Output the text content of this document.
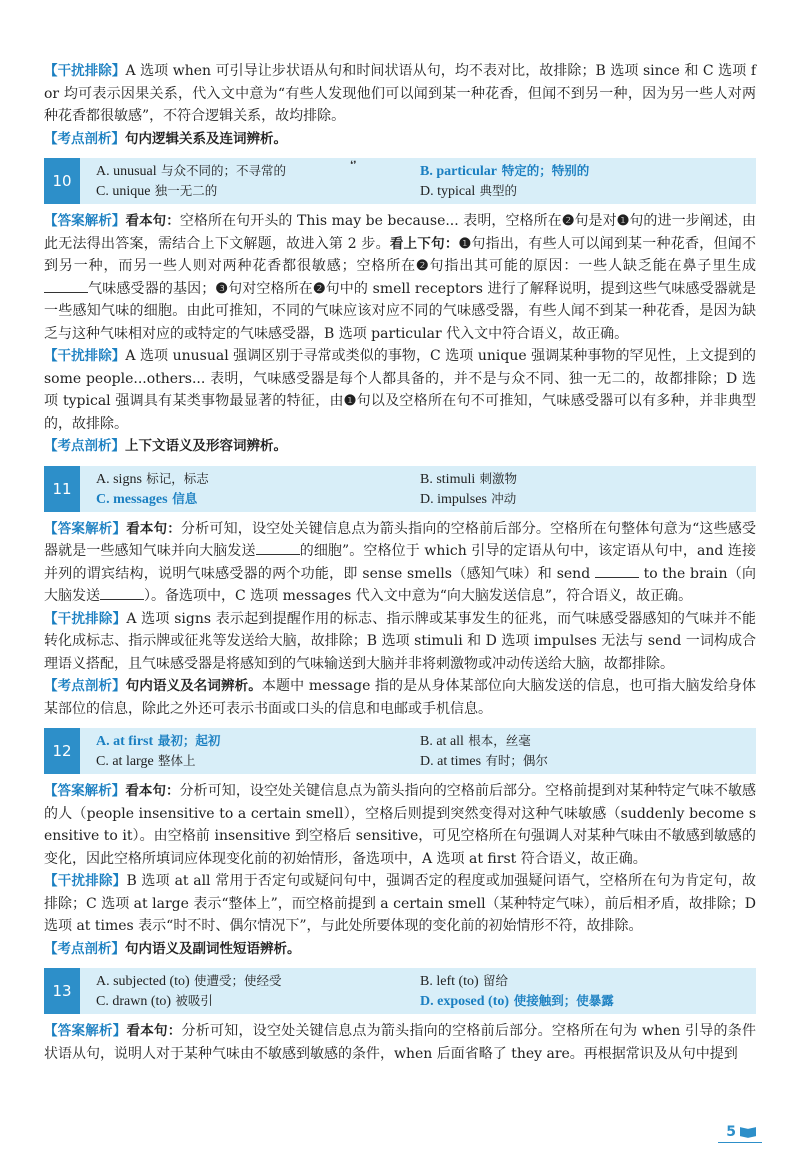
【干扰排除】A 选项 when 可引导让步状语从句和时间状语从句，均不表对比，故排除；B 选项 since 和 C 选项 for 均可表示因果关系，代入文中意为“有些人发现他们可以闻到某一种花香，但闻不到另一种，因为另一些人对两种花香都很敏感”，不符合逻辑关系，故均排除。

【考点剖析】句内逻辑关系及连词辨析。

10
A. unusual 与众不同的；不寻常的	B. particular 特定的；特别的
C. unique 独一无二的	D. typical 典型的

【答案解析】看本句：空格所在句开头的 This may be because... 表明，空格所在❷句是对❶句的进一步阐述，由此无法得出答案，需结合上下文解题，故进入第 2 步。看上下句：❶句指出，有些人可以闻到某一种花香，但闻不到另一种，而另一些人则对两种花香都很敏感；空格所在❷句指出其可能的原因：一些人缺乏能在鼻子里生成气味感受器的基因；❸句对空格所在❷句中的 smell receptors 进行了解释说明，提到这些气味感受器就是一些感知气味的细胞。由此可推知，不同的气味应该对应不同的气味感受器，有些人闻不到某一种花香，是因为缺乏与这种气味相对应的或特定的气味感受器，B 选项 particular 代入文中符合语义，故正确。

【干扰排除】A 选项 unusual 强调区别于寻常或类似的事物，C 选项 unique 强调某种事物的罕见性，上文提到的 some people...others... 表明，气味感受器是每个人都具备的，并不是与众不同、独一无二的，故都排除；D 选项 typical 强调具有某类事物最显著的特征，由❶句以及空格所在句不可推知，气味感受器可以有多种，并非典型的，故排除。

【考点剖析】上下文语义及形容词辨析。

11
A. signs 标记，标志	B. stimuli 刺激物
C. messages 信息	D. impulses 冲动

【答案解析】看本句：分析可知，设空处关键信息点为箭头指向的空格前后部分。空格所在句整体句意为“这些感受器就是一些感知气味并向大脑发送	的细胞”。空格位于 which 引导的定语从句中，该定语从句中，and 连接并列的谓宾结构，说明气味感受器的两个功能，即 sense smells（感知气味）和 send	to the brain（向大脑发送	）。备选项中，C 选项 messages 代入文中意为“向大脑发送信息”，符合语义，故正确。

【干扰排除】A 选项 signs 表示起到提醒作用的标志、指示牌或某事发生的征兆，而气味感受器感知的气味并不能转化成标志、指示牌或征兆等发送给大脑，故排除；B 选项 stimuli 和 D 选项 impulses 无法与 send 一词构成合理语义搭配，且气味感受器是将感知到的气味输送到大脑并非将刺激物或冲动传送给大脑，故都排除。

【考点剖析】句内语义及名词辨析。本题中 message 指的是从身体某部位向大脑发送的信息，也可指大脑发给身体某部位的信息，除此之外还可表示书面或口头的信息和电邮或手机信息。

12
A. at first 最初；起初	B. at all 根本，丝毫
C. at large 整体上	D. at times 有时；偶尔

【答案解析】看本句：分析可知，设空处关键信息点为箭头指向的空格前后部分。空格前提到对某种特定气味不敏感的人（people insensitive to a certain smell），空格后则提到突然变得对这种气味敏感（suddenly become sensitive to it）。由空格前 insensitive 到空格后 sensitive，可见空格所在句强调人对某种气味由不敏感到敏感的变化，因此空格所填词应体现变化前的初始情形，备选项中，A 选项 at first 符合语义，故正确。

【干扰排除】B 选项 at all 常用于否定句或疑问句中，强调否定的程度或加强疑问语气，空格所在句为肯定句，故排除；C 选项 at large 表示“整体上”，而空格前提到 a certain smell（某种特定气味），前后相矛盾，故排除；D 选项 at times 表示“时不时、偶尔情况下”，与此处所要体现的变化前的初始情形不符，故排除。

【考点剖析】句内语义及副词性短语辨析。

13
A. subjected (to) 使遭受；使经受	B. left (to) 留给
C. drawn (to) 被吸引	D. exposed (to) 使接触到；使暴露

【答案解析】看本句：分析可知，设空处关键信息点为箭头指向的空格前后部分。空格所在句为 when 引导的条件状语从句，说明人对于某种气味由不敏感到敏感的条件，when 后面省略了 they are。再根据常识及从句中提到

❛❜
5
